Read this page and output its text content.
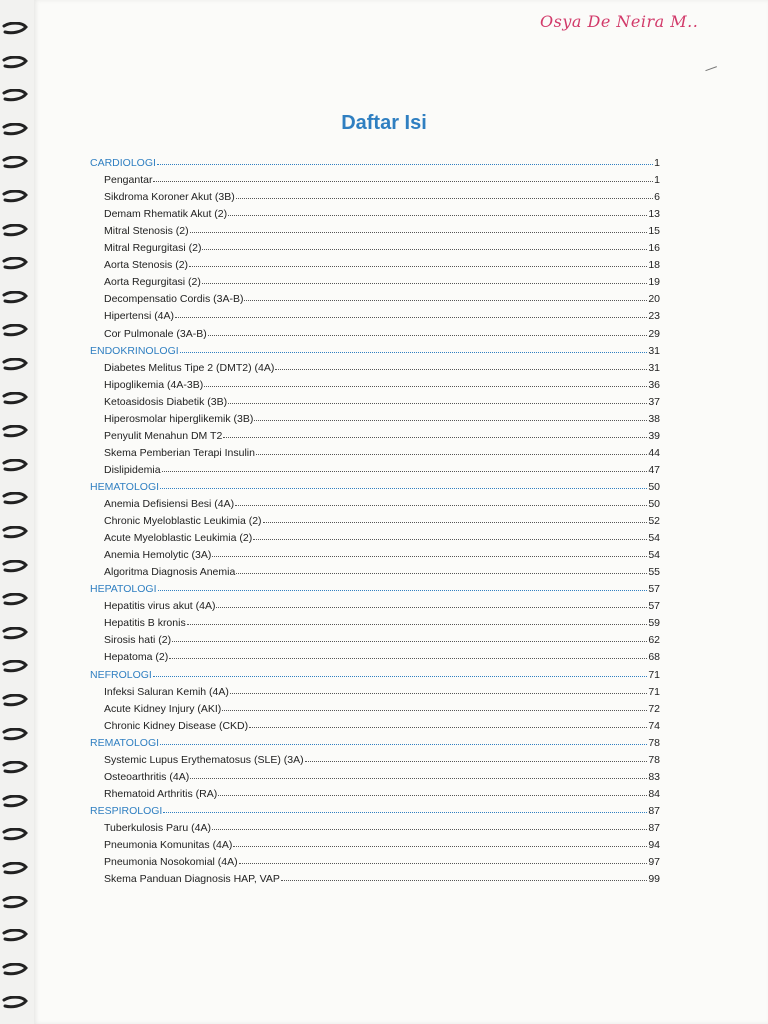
Osya De Neira M..
Daftar Isi
CARDIOLOGI	1
Pengantar	1
Sikdroma Koroner Akut (3B)	6
Demam Rhematik Akut (2)	13
Mitral Stenosis (2)	15
Mitral Regurgitasi (2)	16
Aorta Stenosis (2)	18
Aorta Regurgitasi (2)	19
Decompensatio Cordis (3A-B)	20
Hipertensi (4A)	23
Cor Pulmonale (3A-B)	29
ENDOKRINOLOGI	31
Diabetes Melitus Tipe 2 (DMT2) (4A)	31
Hipoglikemia (4A-3B)	36
Ketoasidosis Diabetik (3B)	37
Hiperosmolar hiperglikemik (3B)	38
Penyulit Menahun DM T2	39
Skema Pemberian Terapi Insulin	44
Dislipidemia	47
HEMATOLOGI	50
Anemia Defisiensi Besi (4A)	50
Chronic Myeloblastic Leukimia (2)	52
Acute Myeloblastic Leukimia (2)	54
Anemia Hemolytic (3A)	54
Algoritma Diagnosis Anemia	55
HEPATOLOGI	57
Hepatitis virus akut (4A)	57
Hepatitis B kronis	59
Sirosis hati (2)	62
Hepatoma (2)	68
NEFROLOGI	71
Infeksi Saluran Kemih (4A)	71
Acute Kidney Injury (AKI)	72
Chronic Kidney Disease (CKD)	74
REMATOLOGI	78
Systemic Lupus Erythematosus (SLE) (3A)	78
Osteoarthritis (4A)	83
Rhematoid Arthritis (RA)	84
RESPIROLOGI	87
Tuberkulosis Paru (4A)	87
Pneumonia Komunitas (4A)	94
Pneumonia Nosokomial (4A)	97
Skema Panduan Diagnosis HAP, VAP	99
